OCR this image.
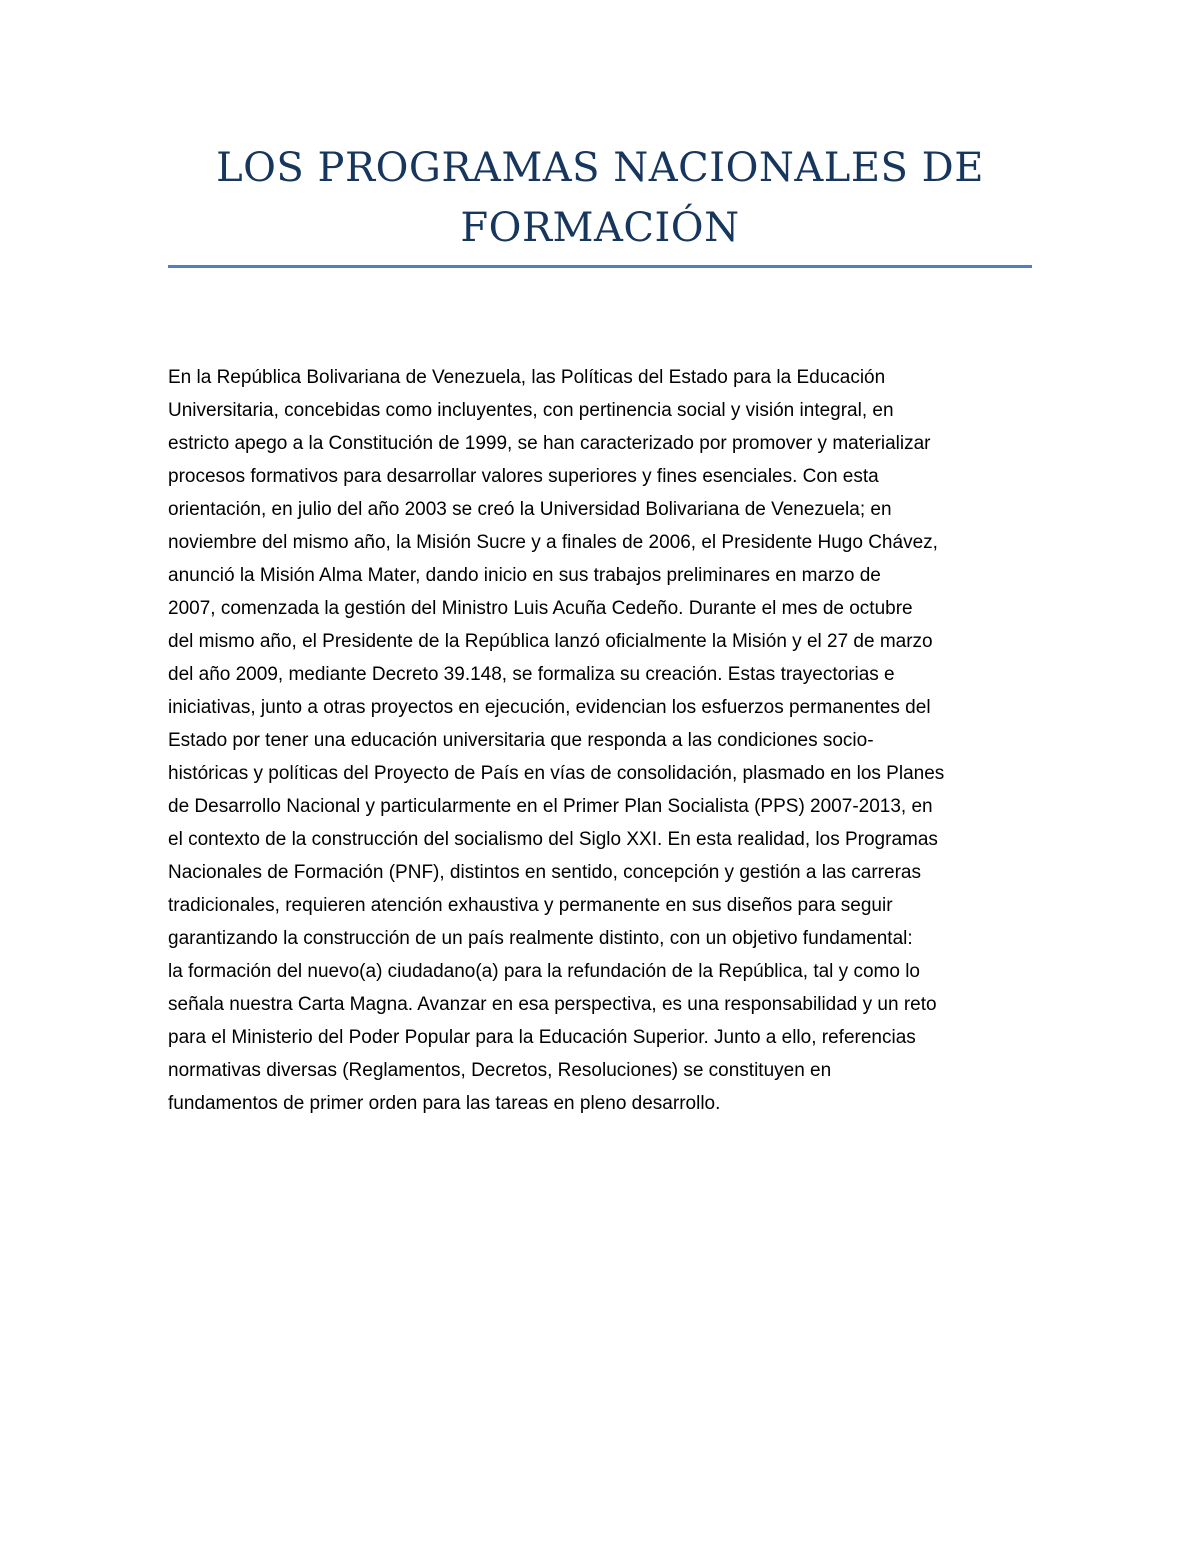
LOS PROGRAMAS NACIONALES DE
FORMACIÓN

En la República Bolivariana de Venezuela, las Políticas del Estado para la Educación
Universitaria, concebidas como incluyentes, con pertinencia social y visión integral, en
estricto apego a la Constitución de 1999, se han caracterizado por promover y materializar
procesos formativos para desarrollar valores superiores y fines esenciales. Con esta
orientación, en julio del año 2003 se creó la Universidad Bolivariana de Venezuela; en
noviembre del mismo año, la Misión Sucre y a finales de 2006, el Presidente Hugo Chávez,
anunció la Misión Alma Mater, dando inicio en sus trabajos preliminares en marzo de
2007, comenzada la gestión del Ministro Luis Acuña Cedeño. Durante el mes de octubre
del mismo año, el Presidente de la República lanzó oficialmente la Misión y el 27 de marzo
del año 2009, mediante Decreto 39.148, se formaliza su creación. Estas trayectorias e
iniciativas, junto a otras proyectos en ejecución, evidencian los esfuerzos permanentes del
Estado por tener una educación universitaria que responda a las condiciones socio-
históricas y políticas del Proyecto de País en vías de consolidación, plasmado en los Planes
de Desarrollo Nacional y particularmente en el Primer Plan Socialista (PPS) 2007-2013, en
el contexto de la construcción del socialismo del Siglo XXI. En esta realidad, los Programas
Nacionales de Formación (PNF), distintos en sentido, concepción y gestión a las carreras
tradicionales, requieren atención exhaustiva y permanente en sus diseños para seguir
garantizando la construcción de un país realmente distinto, con un objetivo fundamental:
la formación del nuevo(a) ciudadano(a) para la refundación de la República, tal y como lo
señala nuestra Carta Magna. Avanzar en esa perspectiva, es una responsabilidad y un reto
para el Ministerio del Poder Popular para la Educación Superior. Junto a ello, referencias
normativas diversas (Reglamentos, Decretos, Resoluciones) se constituyen en
fundamentos de primer orden para las tareas en pleno desarrollo.
